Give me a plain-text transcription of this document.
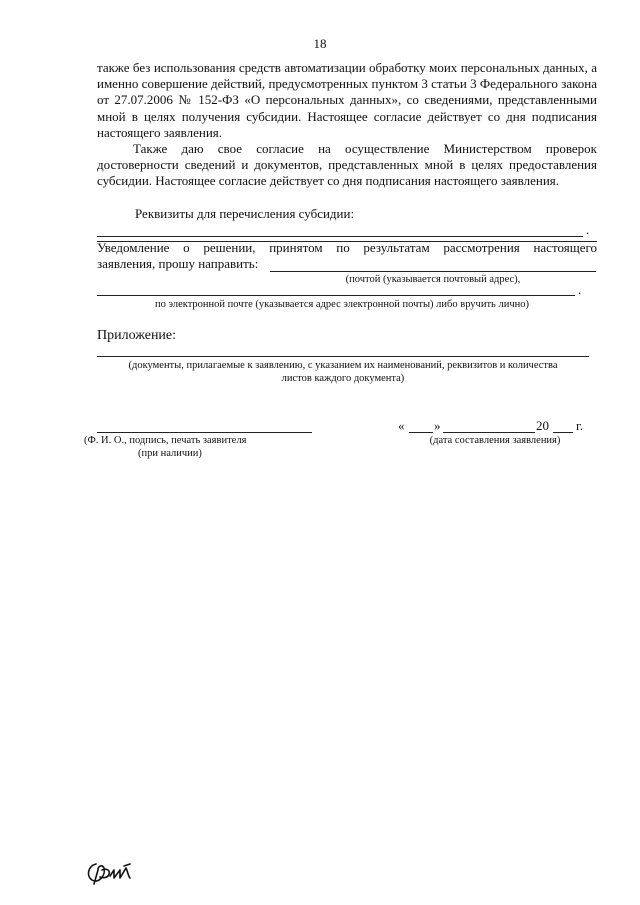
18

также без использования средств автоматизации обработку моих персональных данных, а именно совершение действий, предусмотренных пунктом 3 статьи 3 Федерального закона от 27.07.2006 № 152-ФЗ «О персональных данных», со сведениями, представленными мной в целях получения субсидии. Настоящее согласие действует со дня подписания настоящего заявления.

Также даю свое согласие на осуществление Министерством проверок достоверности сведений и документов, представленных мной в целях предоставления субсидии. Настоящее согласие действует со дня подписания настоящего заявления.

Реквизиты для перечисления субсидии:
.
Уведомление о решении, принятом по результатам рассмотрения настоящего
заявления, прошу направить:
(почтой (указывается почтовый адрес),
.
по электронной почте (указывается адрес электронной почты) либо вручить лично)
Приложение:
(документы, прилагаемые к заявлению, с указанием их наименований, реквизитов и количества
листов каждого документа)
(Ф. И. О., подпись, печать заявителя
(при наличии)
« »	20 г.
(дата составления заявления)
